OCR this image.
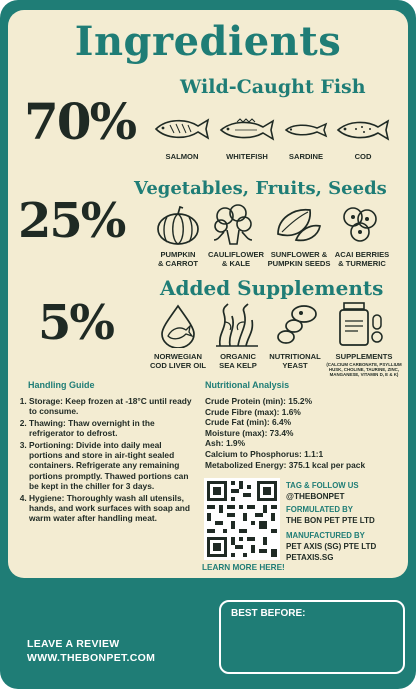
Ingredients
Wild-Caught Fish
70%
SALMON	WHITEFISH	SARDINE	COD
Vegetables, Fruits, Seeds
25%
PUMPKIN
& CARROT
CAULIFLOWER
& KALE
SUNFLOWER &
PUMPKIN SEEDS
ACAI BERRIES
& TURMERIC
Added Supplements
5%
NORWEGIAN
COD LIVER OIL
ORGANIC
SEA KELP
NUTRITIONAL
YEAST
SUPPLEMENTS
(CALCIUM CARBONATE, PSYLLIUM HUSK, CHOLINE, TAURINE, ZINC, MANGANESE, VITAMIN D, E & K)
Handling Guide
1. Storage: Keep frozen at -18°C until ready to consume.
2. Thawing: Thaw overnight in the refrigerator to defrost.
3. Portioning: Divide into daily meal portions and store in air-tight sealed containers. Refrigerate any remaining portions promptly. Thawed portions can be kept in the chiller for 3 days.
4. Hygiene: Thoroughly wash all utensils, hands, and work surfaces with soap and warm water after handling meat.
Nutritional Analysis
Crude Protein (min): 15.2%
Crude Fibre (max): 1.6%
Crude Fat (min): 6.4%
Moisture (max): 73.4%
Ash: 1.9%
Calcium to Phosphorus: 1.1:1
Metabolized Energy: 375.1 kcal per pack
TAG & FOLLOW US
@THEBONPET
FORMULATED BY
THE BON PET PTE LTD
MANUFACTURED BY
PET AXIS (SG) PTE LTD
PETAXIS.SG
LEARN MORE HERE!
BEST BEFORE:
LEAVE A REVIEW
WWW.THEBONPET.COM
